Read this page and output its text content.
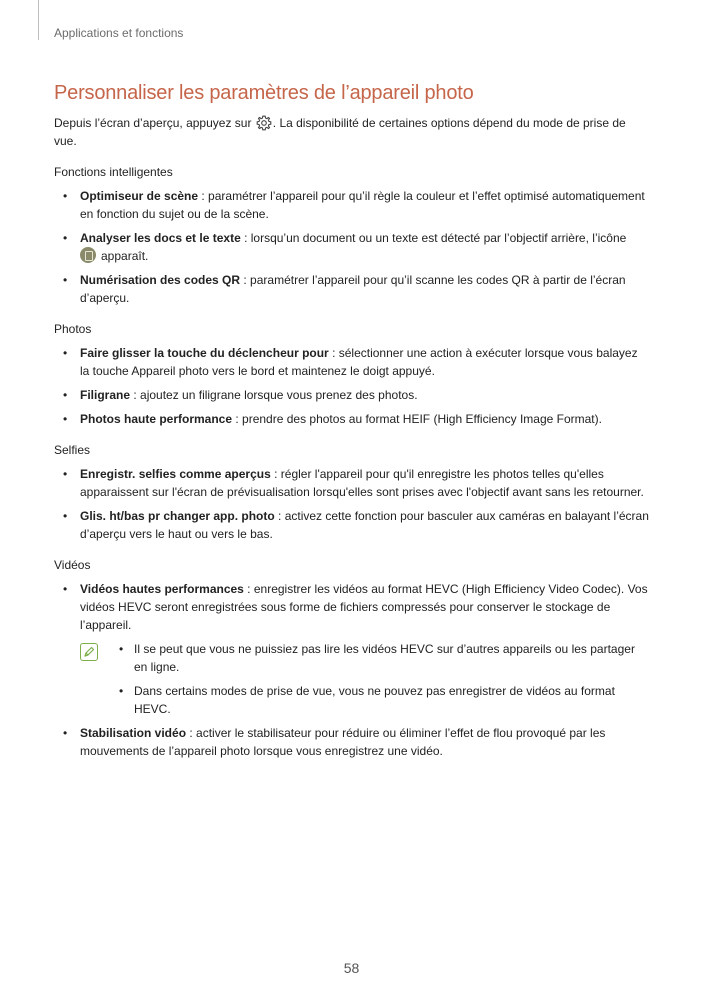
Applications et fonctions
Personnaliser les paramètres de l’appareil photo

Depuis l’écran d’aperçu, appuyez sur . La disponibilité de certaines options dépend du mode de prise de vue.

Fonctions intelligentes
• Optimiseur de scène : paramétrer l’appareil pour qu’il règle la couleur et l’effet optimisé automatiquement en fonction du sujet ou de la scène.
• Analyser les docs et le texte : lorsqu’un document ou un texte est détecté par l’objectif arrière, l’icône
apparaît.
• Numérisation des codes QR : paramétrer l’appareil pour qu’il scanne les codes QR à partir de l’écran d’aperçu.
Photos
• Faire glisser la touche du déclencheur pour : sélectionner une action à exécuter lorsque vous balayez la touche Appareil photo vers le bord et maintenez le doigt appuyé.
• Filigrane : ajoutez un filigrane lorsque vous prenez des photos.
• Photos haute performance : prendre des photos au format HEIF (High Efficiency Image Format).
Selfies
• Enregistr. selfies comme aperçus : régler l'appareil pour qu'il enregistre les photos telles qu'elles apparaissent sur l'écran de prévisualisation lorsqu'elles sont prises avec l'objectif avant sans les retourner.
• Glis. ht/bas pr changer app. photo : activez cette fonction pour basculer aux caméras en balayant l’écran d’aperçu vers le haut ou vers le bas.
Vidéos
• Vidéos hautes performances : enregistrer les vidéos au format HEVC (High Efficiency Video Codec). Vos vidéos HEVC seront enregistrées sous forme de fichiers compressés pour conserver le stockage de l’appareil.
• Il se peut que vous ne puissiez pas lire les vidéos HEVC sur d’autres appareils ou les partager en ligne.
• Dans certains modes de prise de vue, vous ne pouvez pas enregistrer de vidéos au format HEVC.
• Stabilisation vidéo : activer le stabilisateur pour réduire ou éliminer l’effet de flou provoqué par les mouvements de l’appareil photo lorsque vous enregistrez une vidéo.
58
